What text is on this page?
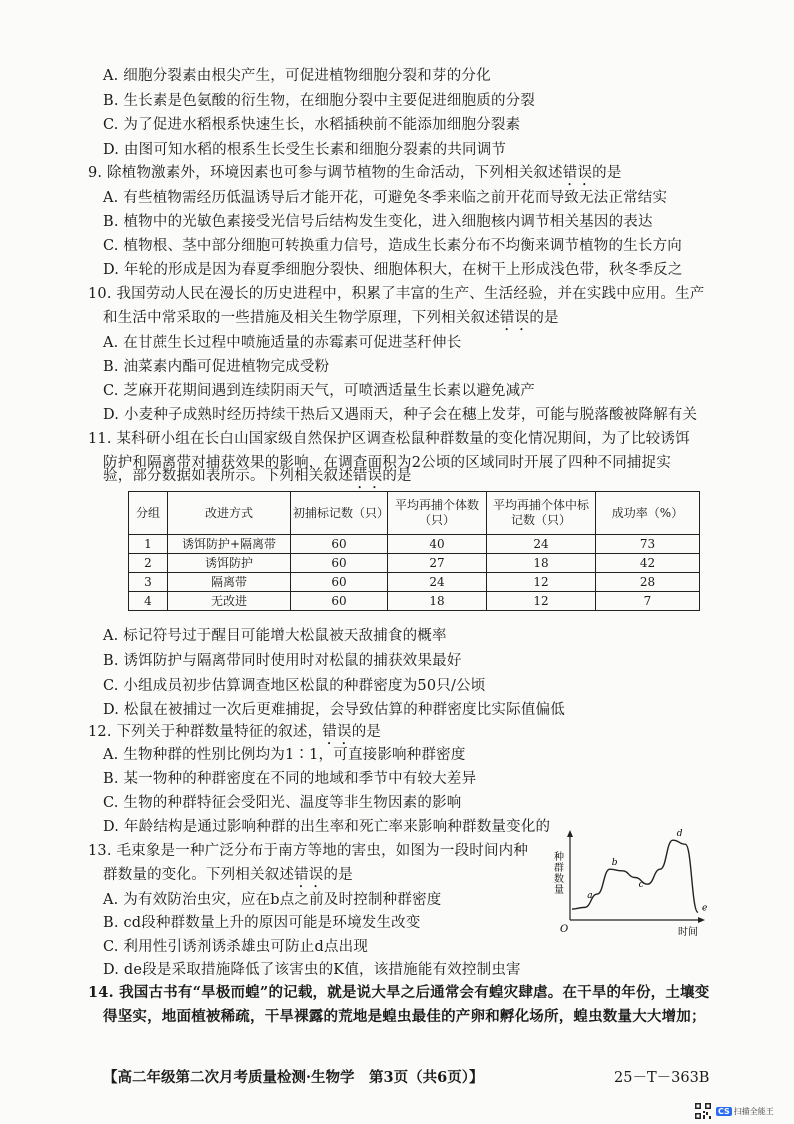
A. 细胞分裂素由根尖产生，可促进植物细胞分裂和芽的分化
B. 生长素是色氨酸的衍生物，在细胞分裂中主要促进细胞质的分裂
C. 为了促进水稻根系快速生长，水稻插秧前不能添加细胞分裂素
D. 由图可知水稻的根系生长受生长素和细胞分裂素的共同调节
9. 除植物激素外，环境因素也可参与调节植物的生命活动，下列相关叙述错误的是
A. 有些植物需经历低温诱导后才能开花，可避免冬季来临之前开花而导致无法正常结实
B. 植物中的光敏色素接受光信号后结构发生变化，进入细胞核内调节相关基因的表达
C. 植物根、茎中部分细胞可转换重力信号，造成生长素分布不均衡来调节植物的生长方向
D. 年轮的形成是因为春夏季细胞分裂快、细胞体积大，在树干上形成浅色带，秋冬季反之
10. 我国劳动人民在漫长的历史进程中，积累了丰富的生产、生活经验，并在实践中应用。生产
和生活中常采取的一些措施及相关生物学原理，下列相关叙述错误的是
A. 在甘蔗生长过程中喷施适量的赤霉素可促进茎秆伸长
B. 油菜素内酯可促进植物完成受粉
C. 芝麻开花期间遇到连续阴雨天气，可喷洒适量生长素以避免减产
D. 小麦种子成熟时经历持续干热后又遇雨天，种子会在穗上发芽，可能与脱落酸被降解有关
11. 某科研小组在长白山国家级自然保护区调查松鼠种群数量的变化情况期间，为了比较诱饵
防护和隔离带对捕获效果的影响，在调查面积为2公顷的区域同时开展了四种不同捕捉实
验，部分数据如表所示。下列相关叙述错误的是
分组	改进方式	初捕标记数（只）	平均再捕个体数（只）	平均再捕个体中标记数（只）	成功率（%）
1	诱饵防护+隔离带	60	40	24	73
2	诱饵防护	60	27	18	42
3	隔离带	60	24	12	28
4	无改进	60	18	12	7
A. 标记符号过于醒目可能增大松鼠被天敌捕食的概率
B. 诱饵防护与隔离带同时使用时对松鼠的捕获效果最好
C. 小组成员初步估算调查地区松鼠的种群密度为50只/公顷
D. 松鼠在被捕过一次后更难捕捉，会导致估算的种群密度比实际值偏低
12. 下列关于种群数量特征的叙述，错误的是
A. 生物种群的性别比例均为1∶1，可直接影响种群密度
B. 某一物种的种群密度在不同的地域和季节中有较大差异
C. 生物的种群特征会受阳光、温度等非生物因素的影响
D. 年龄结构是通过影响种群的出生率和死亡率来影响种群数量变化的
13. 毛束象是一种广泛分布于南方等地的害虫，如图为一段时间内种
群数量的变化。下列相关叙述错误的是
A. 为有效防治虫灾，应在b点之前及时控制种群密度
B. cd段种群数量上升的原因可能是环境发生改变
C. 利用性引诱剂诱杀雄虫可防止d点出现
D. de段是采取措施降低了该害虫的K值，该措施能有效控制虫害
种群数量
时间
O
a
b
c
d
e
14. 我国古书有“旱极而蝗”的记载，就是说大旱之后通常会有蝗灾肆虐。在干旱的年份，土壤变
得坚实，地面植被稀疏，干旱裸露的荒地是蝗虫最佳的产卵和孵化场所，蝗虫数量大大增加；
【高二年级第二次月考质量检测·生物学　第3页（共6页）】	25－T－363B
CS 扫描全能王
